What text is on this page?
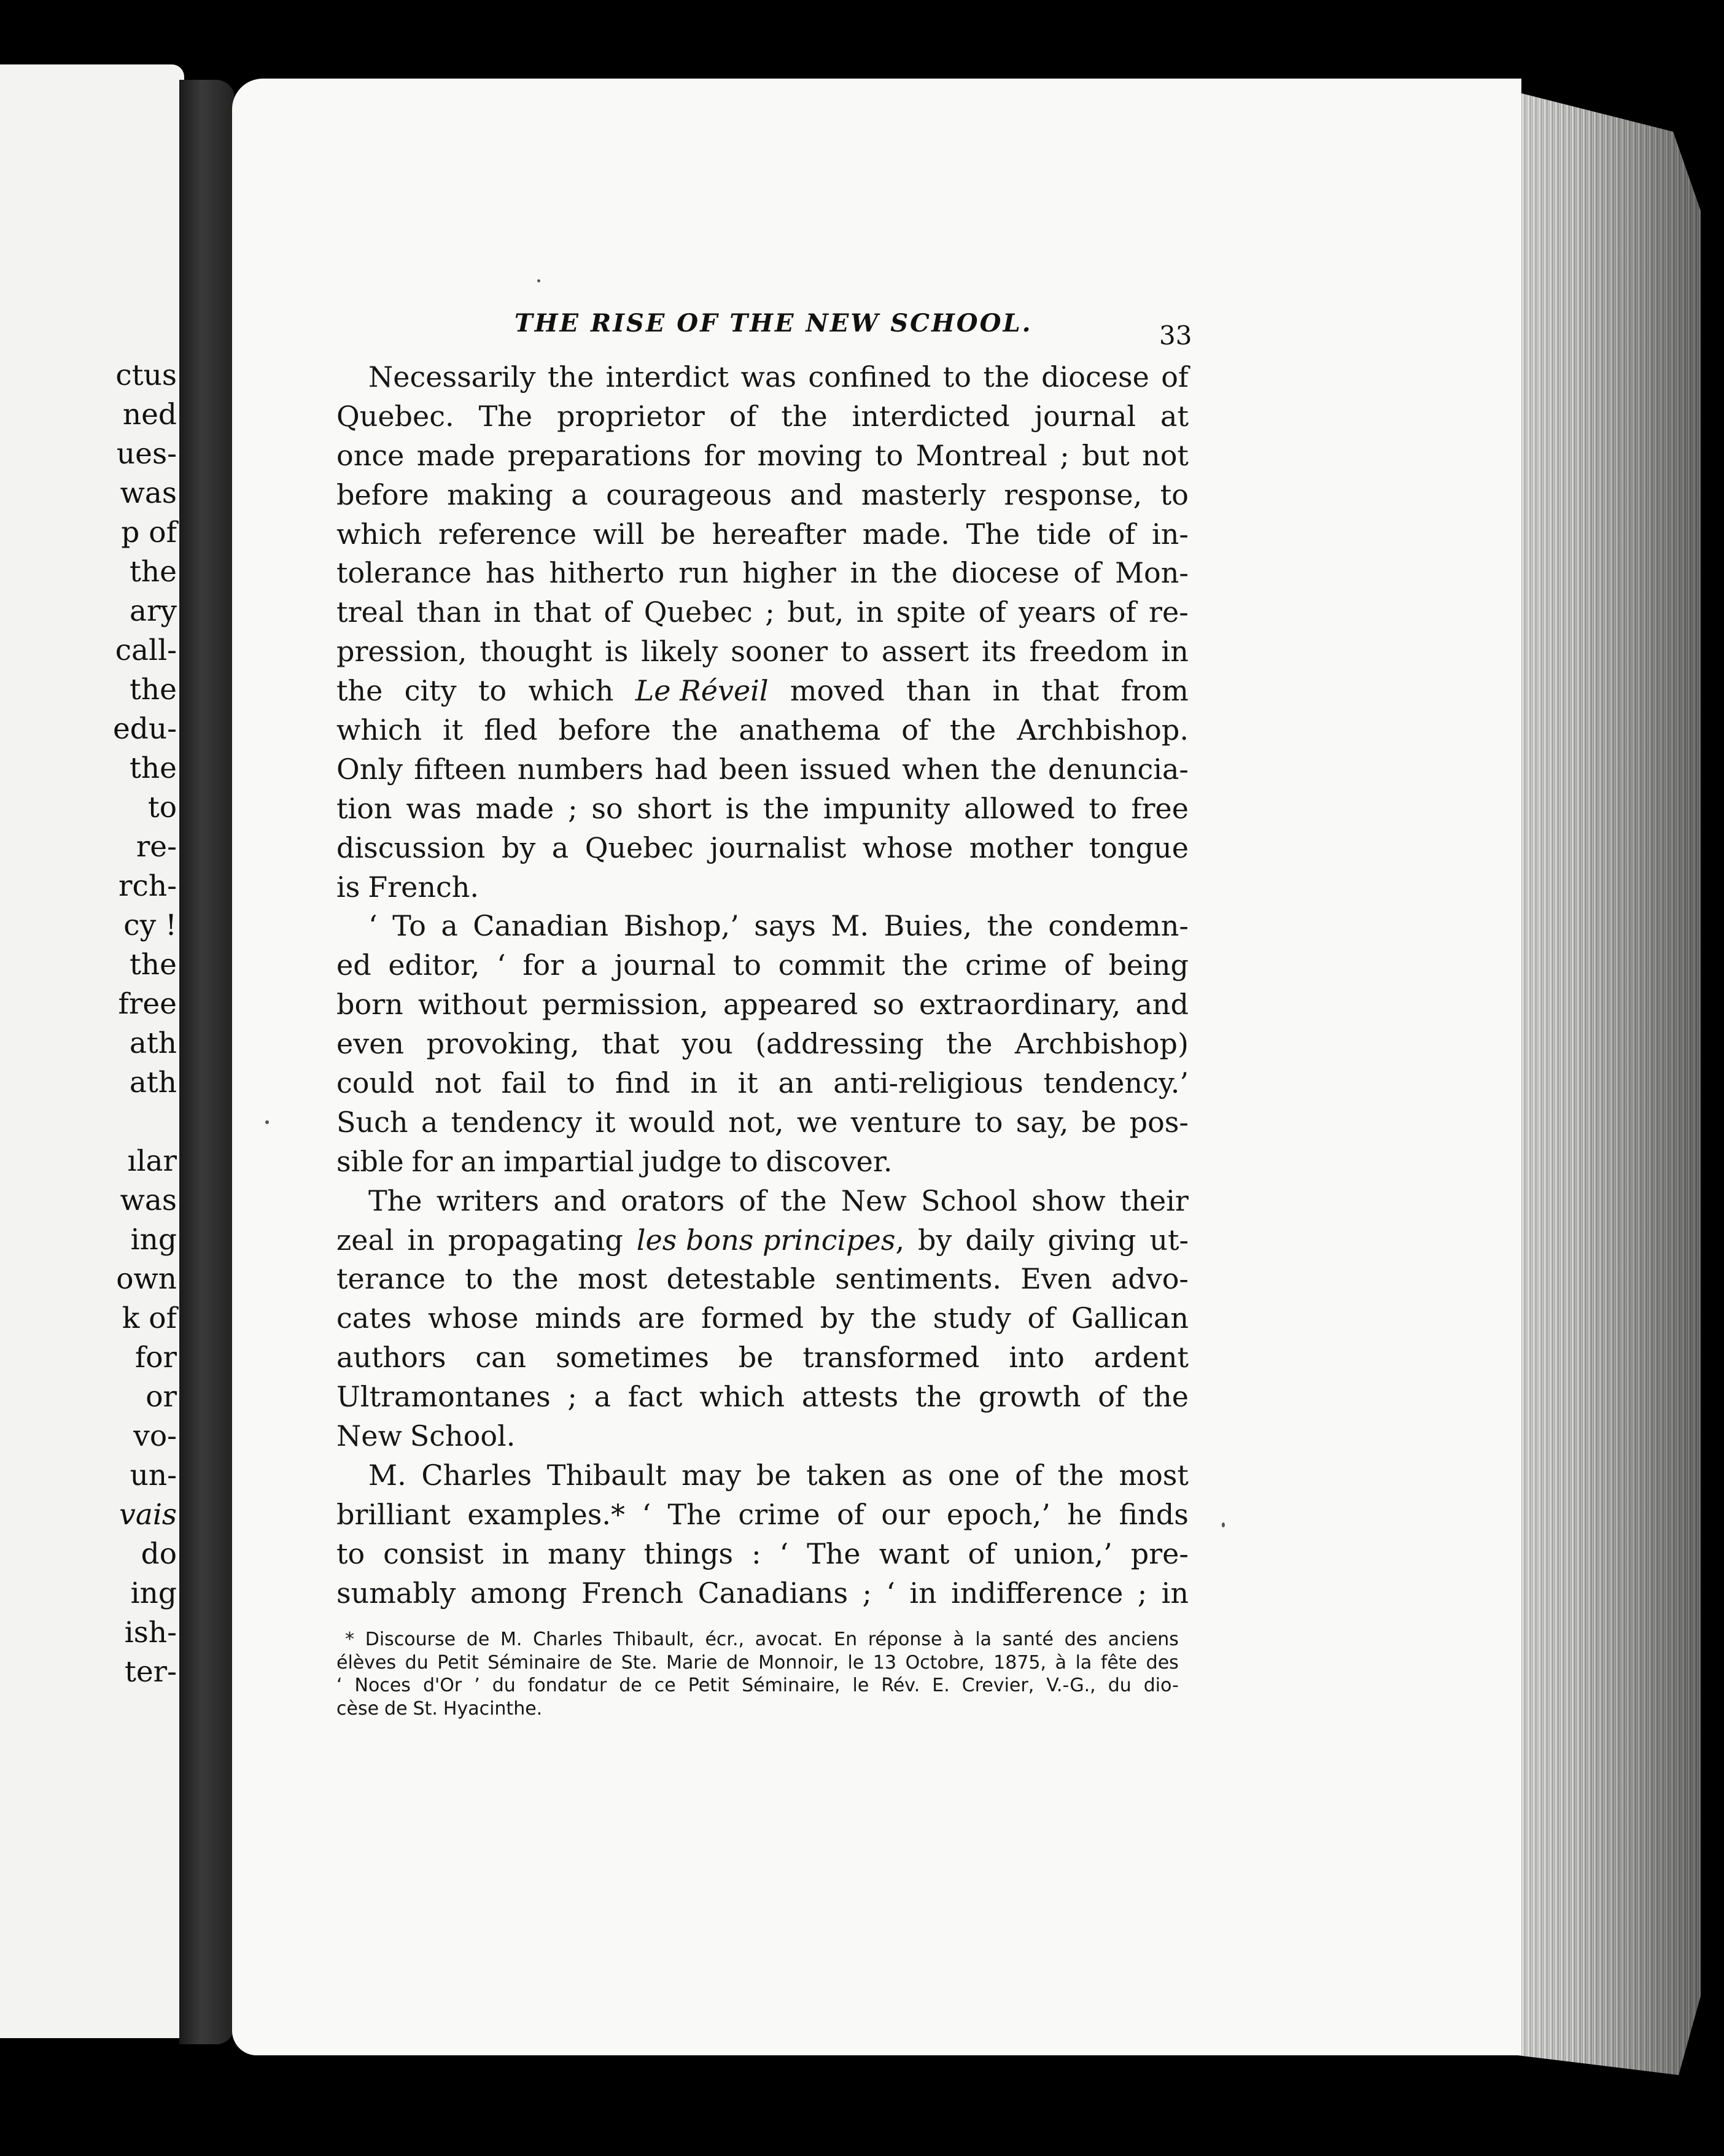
ctus
ned
ues-
was
p of
the
ary
call-
the
edu-
the
to
re-
rch-
cy !
the
free
ath
ath
ılar
was
ing
own
k of
for
or
vo-
un-
vais
do
ing
ish-
ter-
THE RISE OF THE NEW SCHOOL.	33
Necessarily the interdict was confined to the diocese of
Quebec. The proprietor of the interdicted journal at
once made preparations for moving to Montreal ; but not
before making a courageous and masterly response, to
which reference will be hereafter made. The tide of in-
tolerance has hitherto run higher in the diocese of Mon-
treal than in that of Quebec ; but, in spite of years of re-
pression, thought is likely sooner to assert its freedom in
the city to which Le Réveil moved than in that from
which it fled before the anathema of the Archbishop.
Only fifteen numbers had been issued when the denuncia-
tion was made ; so short is the impunity allowed to free
discussion by a Quebec journalist whose mother tongue
is French.
‘ To a Canadian Bishop,’ says M. Buies, the condemn-
ed editor, ‘ for a journal to commit the crime of being
born without permission, appeared so extraordinary, and
even provoking, that you (addressing the Archbishop)
could not fail to find in it an anti-religious tendency.’
Such a tendency it would not, we venture to say, be pos-
sible for an impartial judge to discover.
The writers and orators of the New School show their
zeal in propagating les bons principes, by daily giving ut-
terance to the most detestable sentiments. Even advo-
cates whose minds are formed by the study of Gallican
authors can sometimes be transformed into ardent
Ultramontanes ; a fact which attests the growth of the
New School.
M. Charles Thibault may be taken as one of the most
brilliant examples.* ‘ The crime of our epoch,’ he finds
to consist in many things : ‘ The want of union,’ pre-
sumably among French Canadians ; ‘ in indifference ; in
* Discourse de M. Charles Thibault, écr., avocat. En réponse à la santé des anciens
élèves du Petit Séminaire de Ste. Marie de Monnoir, le 13 Octobre, 1875, à la fête des
‘ Noces d'Or ’ du fondatur de ce Petit Séminaire, le Rév. E. Crevier, V.-G., du dio-
cèse de St. Hyacinthe.
